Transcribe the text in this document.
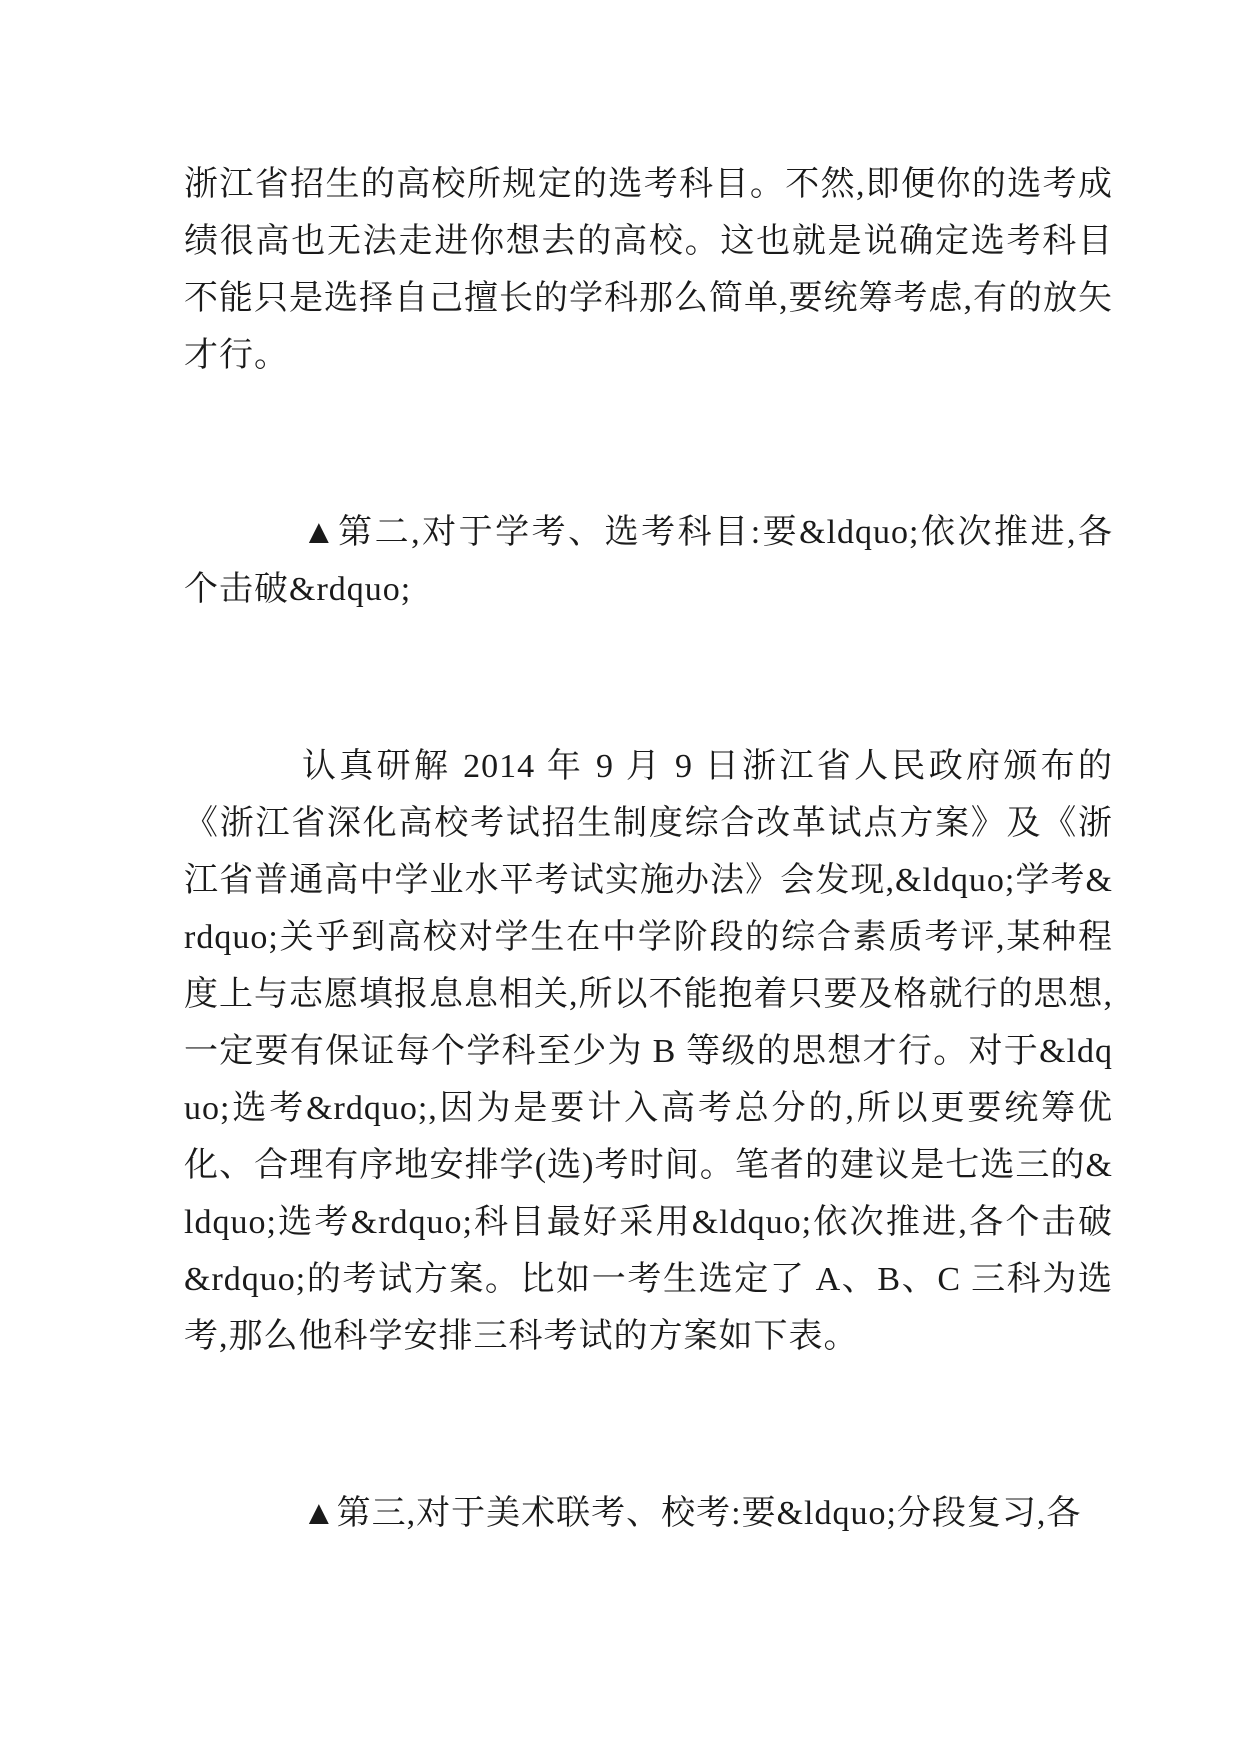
浙江省招生的高校所规定的选考科目。不然,即便你的选考成绩很高也无法走进你想去的高校。这也就是说确定选考科目不能只是选择自己擅长的学科那么简单,要统筹考虑,有的放矢才行。

▲第二,对于学考、选考科目:要&ldquo;依次推进,各个击破&rdquo;

认真研解 2014 年 9 月 9 日浙江省人民政府颁布的《浙江省深化高校考试招生制度综合改革试点方案》及《浙江省普通高中学业水平考试实施办法》会发现,&ldquo;学考&rdquo;关乎到高校对学生在中学阶段的综合素质考评,某种程度上与志愿填报息息相关,所以不能抱着只要及格就行的思想,一定要有保证每个学科至少为 B 等级的思想才行。对于&ldquo;选考&rdquo;,因为是要计入高考总分的,所以更要统筹优化、合理有序地安排学(选)考时间。笔者的建议是七选三的&ldquo;选考&rdquo;科目最好采用&ldquo;依次推进,各个击破&rdquo;的考试方案。比如一考生选定了 A、B、C 三科为选考,那么他科学安排三科考试的方案如下表。

▲第三,对于美术联考、校考:要&ldquo;分段复习,各
